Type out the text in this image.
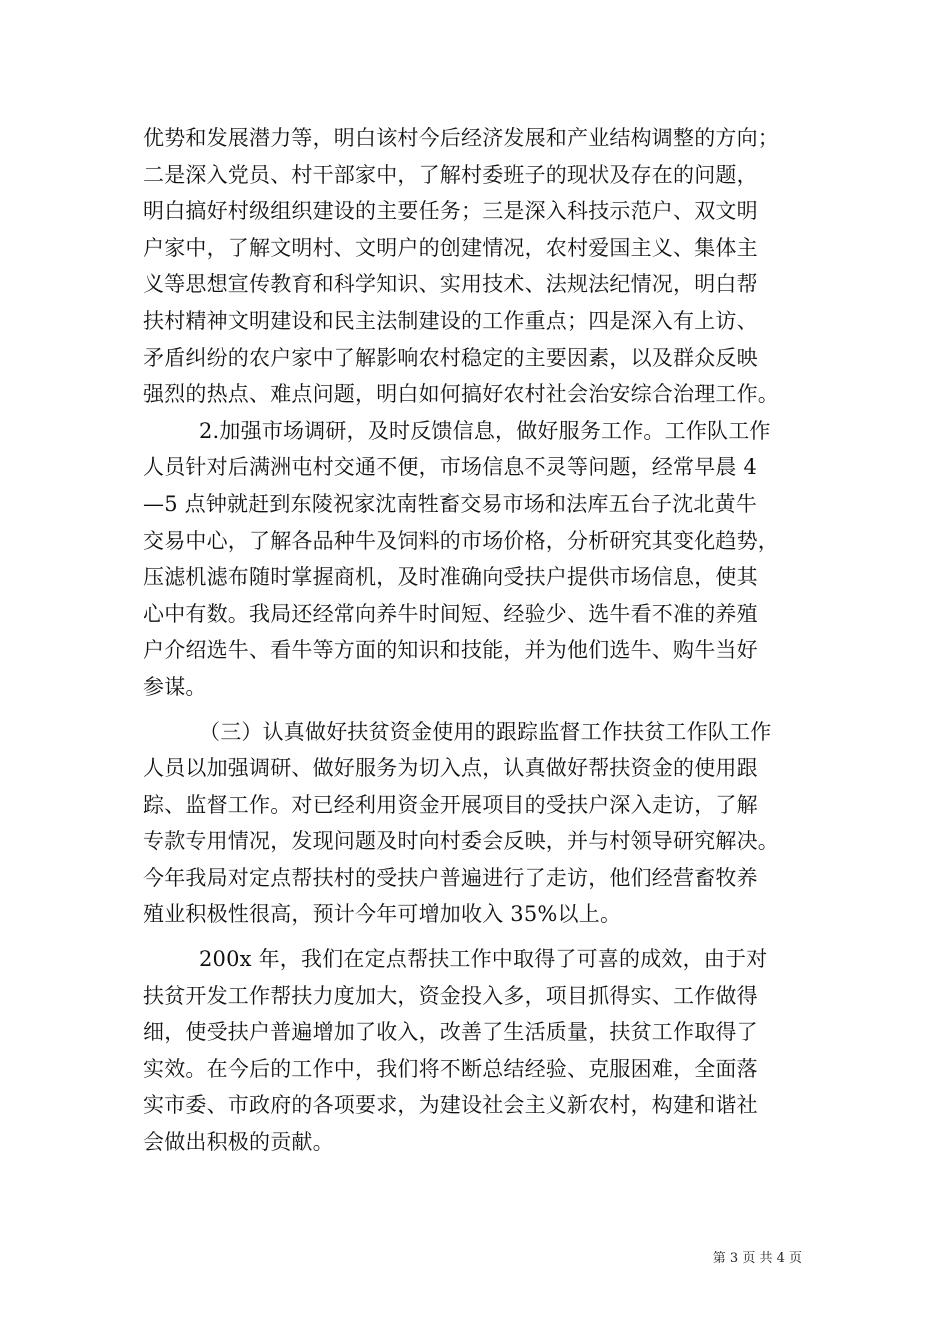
优势和发展潜力等，明白该村今后经济发展和产业结构调整的方向；
二是深入党员、村干部家中，了解村委班子的现状及存在的问题，
明白搞好村级组织建设的主要任务；三是深入科技示范户、双文明
户家中，了解文明村、文明户的创建情况，农村爱国主义、集体主
义等思想宣传教育和科学知识、实用技术、法规法纪情况，明白帮
扶村精神文明建设和民主法制建设的工作重点；四是深入有上访、
矛盾纠纷的农户家中了解影响农村稳定的主要因素，以及群众反映
强烈的热点、难点问题，明白如何搞好农村社会治安综合治理工作。
2.加强市场调研，及时反馈信息，做好服务工作。工作队工作
人员针对后满洲屯村交通不便，市场信息不灵等问题，经常早晨 4
—5 点钟就赶到东陵祝家沈南牲畜交易市场和法库五台子沈北黄牛
交易中心，了解各品种牛及饲料的市场价格，分析研究其变化趋势，
压滤机滤布随时掌握商机，及时准确向受扶户提供市场信息，使其
心中有数。我局还经常向养牛时间短、经验少、选牛看不准的养殖
户介绍选牛、看牛等方面的知识和技能，并为他们选牛、购牛当好
参谋。
（三）认真做好扶贫资金使用的跟踪监督工作扶贫工作队工作
人员以加强调研、做好服务为切入点，认真做好帮扶资金的使用跟
踪、监督工作。对已经利用资金开展项目的受扶户深入走访，了解
专款专用情况，发现问题及时向村委会反映，并与村领导研究解决。
今年我局对定点帮扶村的受扶户普遍进行了走访，他们经营畜牧养
殖业积极性很高，预计今年可增加收入 35%以上。
200x 年，我们在定点帮扶工作中取得了可喜的成效，由于对
扶贫开发工作帮扶力度加大，资金投入多，项目抓得实、工作做得
细，使受扶户普遍增加了收入，改善了生活质量，扶贫工作取得了
实效。在今后的工作中，我们将不断总结经验、克服困难，全面落
实市委、市政府的各项要求，为建设社会主义新农村，构建和谐社
会做出积极的贡献。
第 3 页 共 4 页
